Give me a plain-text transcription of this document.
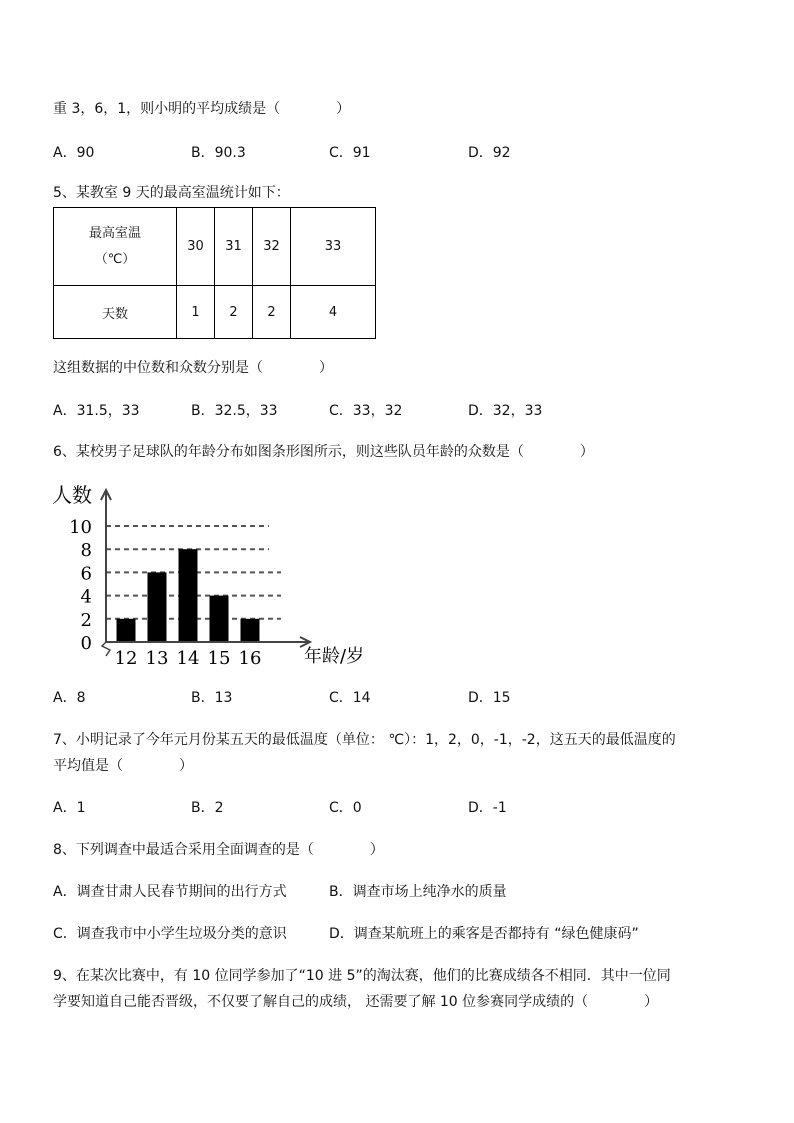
重 3，6，1，则小明的平均成绩是（　　　　）
A．90	B．90.3	C．91	D．92
5、某教室 9 天的最高室温统计如下：
最高室温
（℃）	30	31	32	33
天数	1	2	2	4
这组数据的中位数和众数分别是（　　　　）
A．31.5，33	B．32.5，33	C．33，32	D．32，33
6、某校男子足球队的年龄分布如图条形图所示，则这些队员年龄的众数是（　　　　）
0
2
4
6
8
10
12 13 14 15 16
人数
年龄/岁
A．8	B．13	C．14	D．15
7、小明记录了今年元月份某五天的最低温度（单位： ℃）：1，2，0，-1，-2，这五天的最低温度的
平均值是（　　　　）
A．1	B．2	C．0	D．-1
8、下列调查中最适合采用全面调查的是（　　　　）
A．调查甘肃人民春节期间的出行方式	B．调查市场上纯净水的质量
C．调查我市中小学生垃圾分类的意识	D．调查某航班上的乘客是否都持有 “绿色健康码”
9、在某次比赛中，有 10 位同学参加了“10 进 5”的淘汰赛，他们的比赛成绩各不相同．其中一位同
学要知道自己能否晋级，不仅要了解自己的成绩， 还需要了解 10 位参赛同学成绩的（　　　　）
